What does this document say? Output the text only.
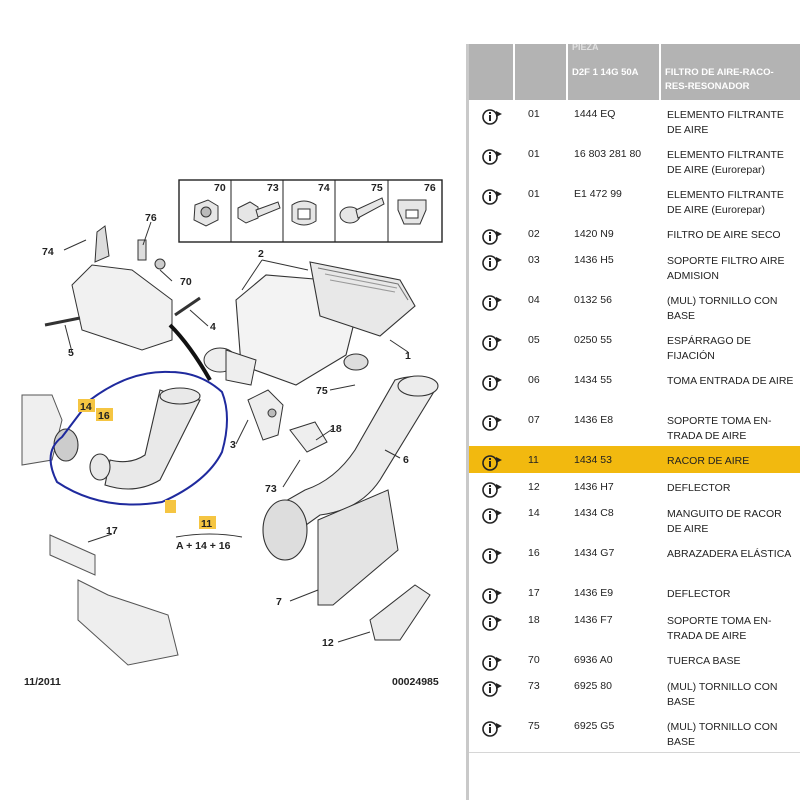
70	73	74	75	76
1
2
3
4
5
6
7
12
17
18
70
73
74
75
76
14
16
11
A + 14 + 16
11/2011	00024985
PIEZA
D2F 1 14G 50A	FILTRO DE AIRE-RACO-RES-RESONADOR
01	1444 EQ	ELEMENTO FILTRANTE DE AIRE
01	16 803 281 80 ELEMENTO FILTRANTE DE AIRE (Eurorepar)
01	E1 472 99	ELEMENTO FILTRANTE DE AIRE (Eurorepar)
02	1420 N9	FILTRO DE AIRE SECO
03	1436 H5	SOPORTE FILTRO AIRE ADMISION
04	0132 56	(MUL) TORNILLO CON BASE
05	0250 55	ESPÁRRAGO DE FIJACIÓN
06	1434 55	TOMA ENTRADA DE AIRE
07	1436 E8	SOPORTE TOMA EN-TRADA DE AIRE
11	1434 53	RACOR DE AIRE
12	1436 H7	DEFLECTOR
14	1434 C8	MANGUITO DE RACOR DE AIRE
16	1434 G7	ABRAZADERA ELÁSTICA
17	1436 E9	DEFLECTOR
18	1436 F7	SOPORTE TOMA EN-TRADA DE AIRE
70	6936 A0	TUERCA BASE
73	6925 80	(MUL) TORNILLO CON BASE
75	6925 G5	(MUL) TORNILLO CON BASE
